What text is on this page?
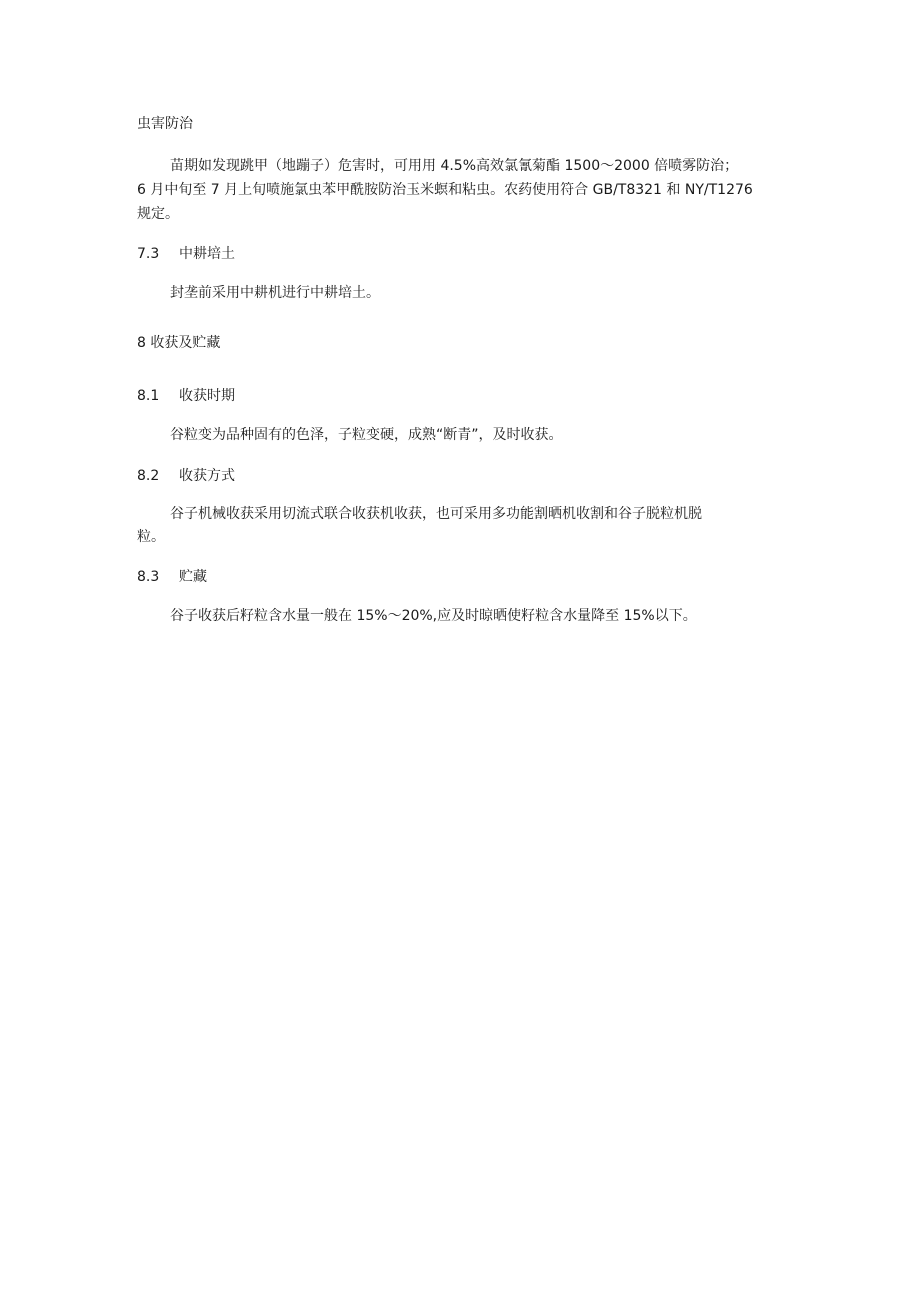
虫害防治
苗期如发现跳甲（地蹦子）危害时，可用用 4.5%高效氯氰菊酯 1500～2000 倍喷雾防治；
6 月中旬至 7 月上旬喷施氯虫苯甲酰胺防治玉米螟和粘虫。农药使用符合 GB/T8321 和 NY/T1276
规定。
7.3 中耕培土
封垄前采用中耕机进行中耕培土。
8 收获及贮藏
8.1 收获时期
谷粒变为品种固有的色泽，子粒变硬，成熟“断青”，及时收获。
8.2 收获方式
谷子机械收获采用切流式联合收获机收获，也可采用多功能割晒机收割和谷子脱粒机脱
粒。
8.3 贮藏
谷子收获后籽粒含水量一般在 15%～20%,应及时晾晒使籽粒含水量降至 15%以下。
